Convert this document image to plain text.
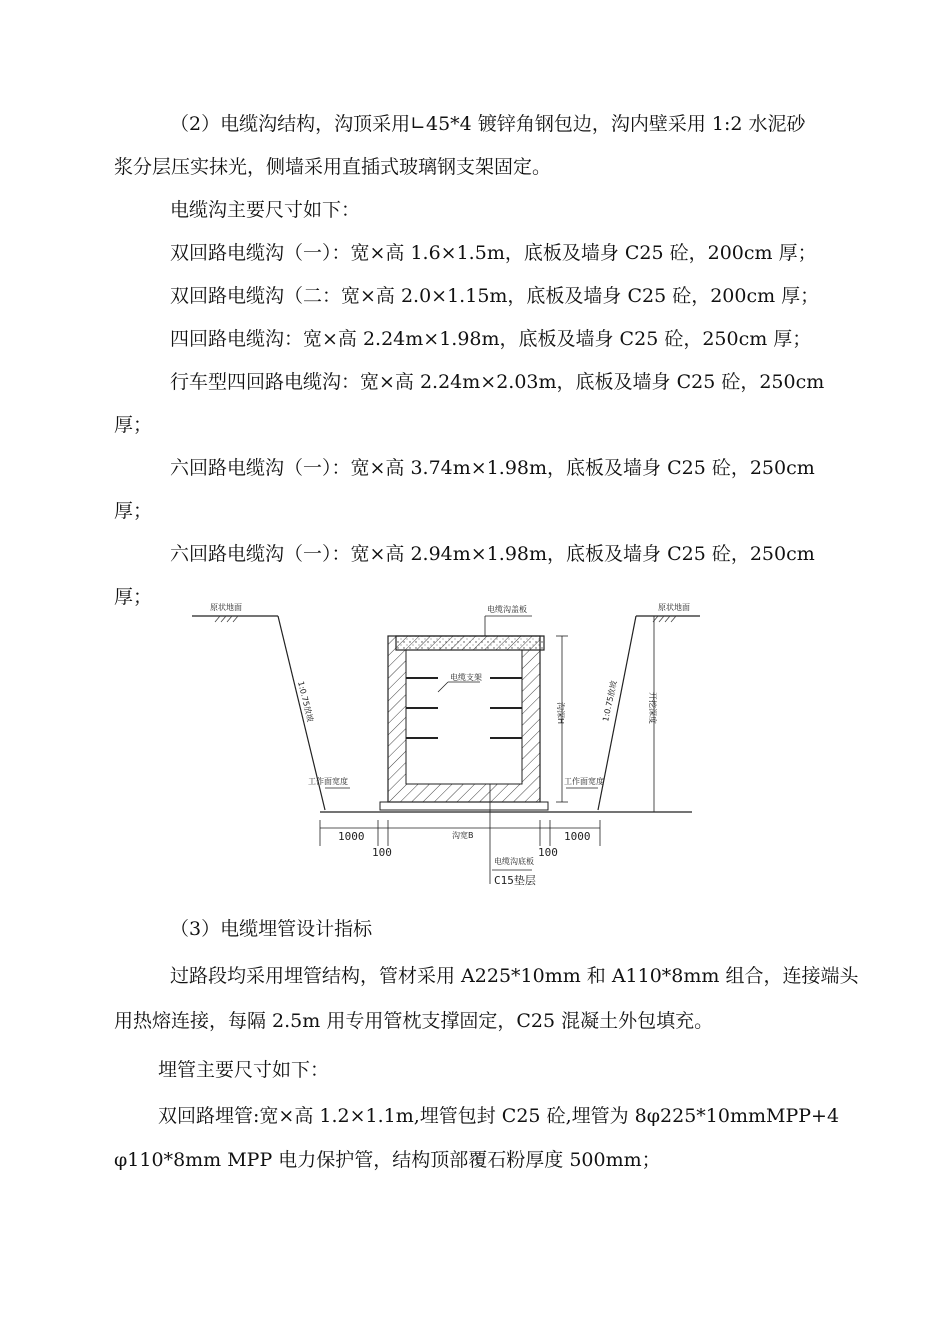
（2）电缆沟结构，沟顶采用∟45*4 镀锌角钢包边，沟内壁采用 1:2 水泥砂

浆分层压实抹光，侧墙采用直插式玻璃钢支架固定。

电缆沟主要尺寸如下：

双回路电缆沟（一）：宽×高 1.6×1.5m，底板及墙身 C25 砼，200cm 厚；

双回路电缆沟（二：宽×高 2.0×1.15m，底板及墙身 C25 砼，200cm 厚；

四回路电缆沟：宽×高 2.24m×1.98m，底板及墙身 C25 砼，250cm 厚；

行车型四回路电缆沟：宽×高 2.24m×2.03m，底板及墙身 C25 砼，250cm

厚；

六回路电缆沟（一）：宽×高 3.74m×1.98m，底板及墙身 C25 砼，250cm

厚；

六回路电缆沟（一）：宽×高 2.94m×1.98m，底板及墙身 C25 砼，250cm

厚；	原状地面	原状地面
1:0.75放坡	1:0.75放坡
电缆沟盖板
电缆支架
沟深H	开挖深度
工作面宽度	工作面宽度
1000	1000
100	100
沟宽B
电缆沟底板
C15垫层

（3）电缆埋管设计指标

过路段均采用埋管结构，管材采用 A225*10mm 和 A110*8mm 组合，连接端头

用热熔连接，每隔 2.5m 用专用管枕支撑固定，C25 混凝土外包填充。

埋管主要尺寸如下：

双回路埋管:宽×高 1.2×1.1m,埋管包封 C25 砼,埋管为 8φ225*10mmMPP+4

φ110*8mm MPP 电力保护管，结构顶部覆石粉厚度 500mm；
